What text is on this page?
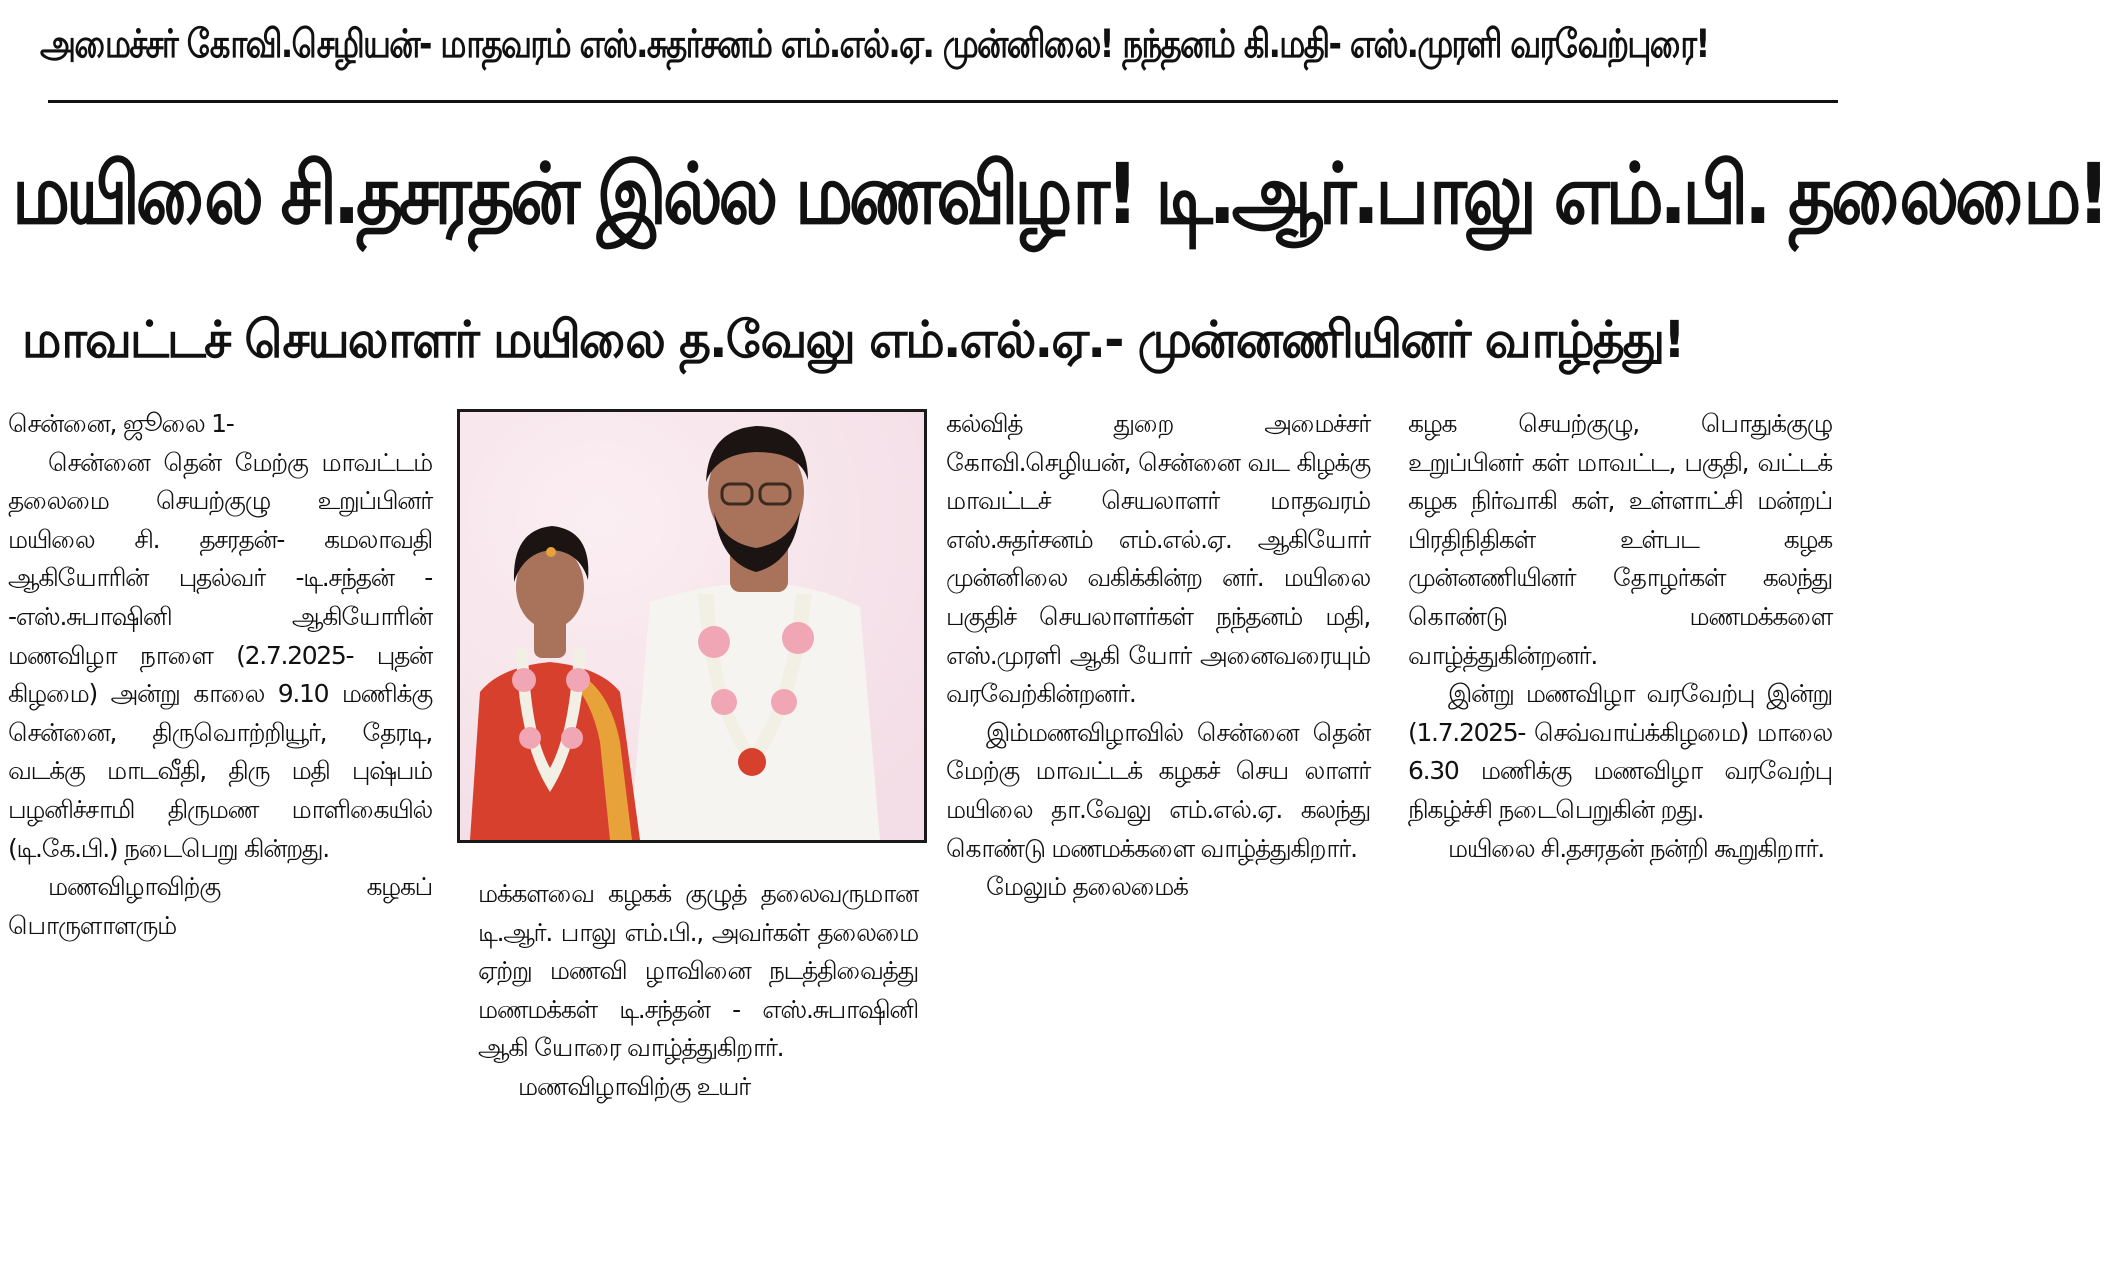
அமைச்சர் கோவி.செழியன்- மாதவரம் எஸ்.சுதர்சனம் எம்.எல்.ஏ. முன்னிலை! நந்தனம் கி.மதி- எஸ்.முரளி வரவேற்புரை!
மயிலை சி.தசரதன் இல்ல மணவிழா! டி.ஆர்.பாலு எம்.பி. தலைமை!
மாவட்டச் செயலாளர் மயிலை த.வேலு எம்.எல்.ஏ.- முன்னணியினர் வாழ்த்து!

சென்னை, ஜூலை 1-

சென்னை தென் மேற்கு மாவட்டம் தலைமை செயற்குழு உறுப்பினர் மயிலை சி. தசரதன்- கமலாவதி ஆகியோரின் புதல்வர் -டி.சந்தன் - -எஸ்.சுபாஷினி ஆகியோரின் மணவிழா நாளை (2.7.2025- புதன் கிழமை) அன்று காலை 9.10 மணிக்கு சென்னை, திருவொற்றியூர், தேரடி, வடக்கு மாடவீதி, திரு மதி புஷ்பம் பழனிச்சாமி திருமண மாளிகையில் (டி.கே.பி.) நடைபெறு கின்றது.

மணவிழாவிற்கு கழகப் பொருளாளரும்

மக்களவை கழகக் குழுத் தலைவருமான டி.ஆர். பாலு எம்.பி., அவர்கள் தலைமை ஏற்று மணவி ழாவினை நடத்திவைத்து மணமக்கள் டி.சந்தன் - எஸ்.சுபாஷினி ஆகி யோரை வாழ்த்துகிறார்.

மணவிழாவிற்கு உயர்

கல்வித் துறை அமைச்சர் கோவி.செழியன், சென்னை வட கிழக்கு மாவட்டச் செயலாளர் மாதவரம் எஸ்.சுதர்சனம் எம்.எல்.ஏ. ஆகியோர் முன்னிலை வகிக்கின்ற னர். மயிலை பகுதிச் செயலாளர்கள் நந்தனம் மதி, எஸ்.முரளி ஆகி யோர் அனைவரையும் வரவேற்கின்றனர்.

இம்மணவிழாவில் சென்னை தென் மேற்கு மாவட்டக் கழகச் செய லாளர் மயிலை தா.வேலு எம்.எல்.ஏ. கலந்து கொண்டு மணமக்களை வாழ்த்துகிறார்.

மேலும் தலைமைக்

கழக செயற்குழு, பொதுக்குழு உறுப்பினர் கள் மாவட்ட, பகுதி, வட்டக் கழக நிர்வாகி கள், உள்ளாட்சி மன்றப் பிரதிநிதிகள் உள்பட கழக முன்னணியினர் தோழர்கள் கலந்து கொண்டு மணமக்களை வாழ்த்துகின்றனர்.

இன்று மணவிழா வரவேற்பு இன்று (1.7.2025- செவ்வாய்க்கிழமை) மாலை 6.30 மணிக்கு மணவிழா வரவேற்பு நிகழ்ச்சி நடைபெறுகின் றது.

மயிலை சி.தசரதன் நன்றி கூறுகிறார்.
